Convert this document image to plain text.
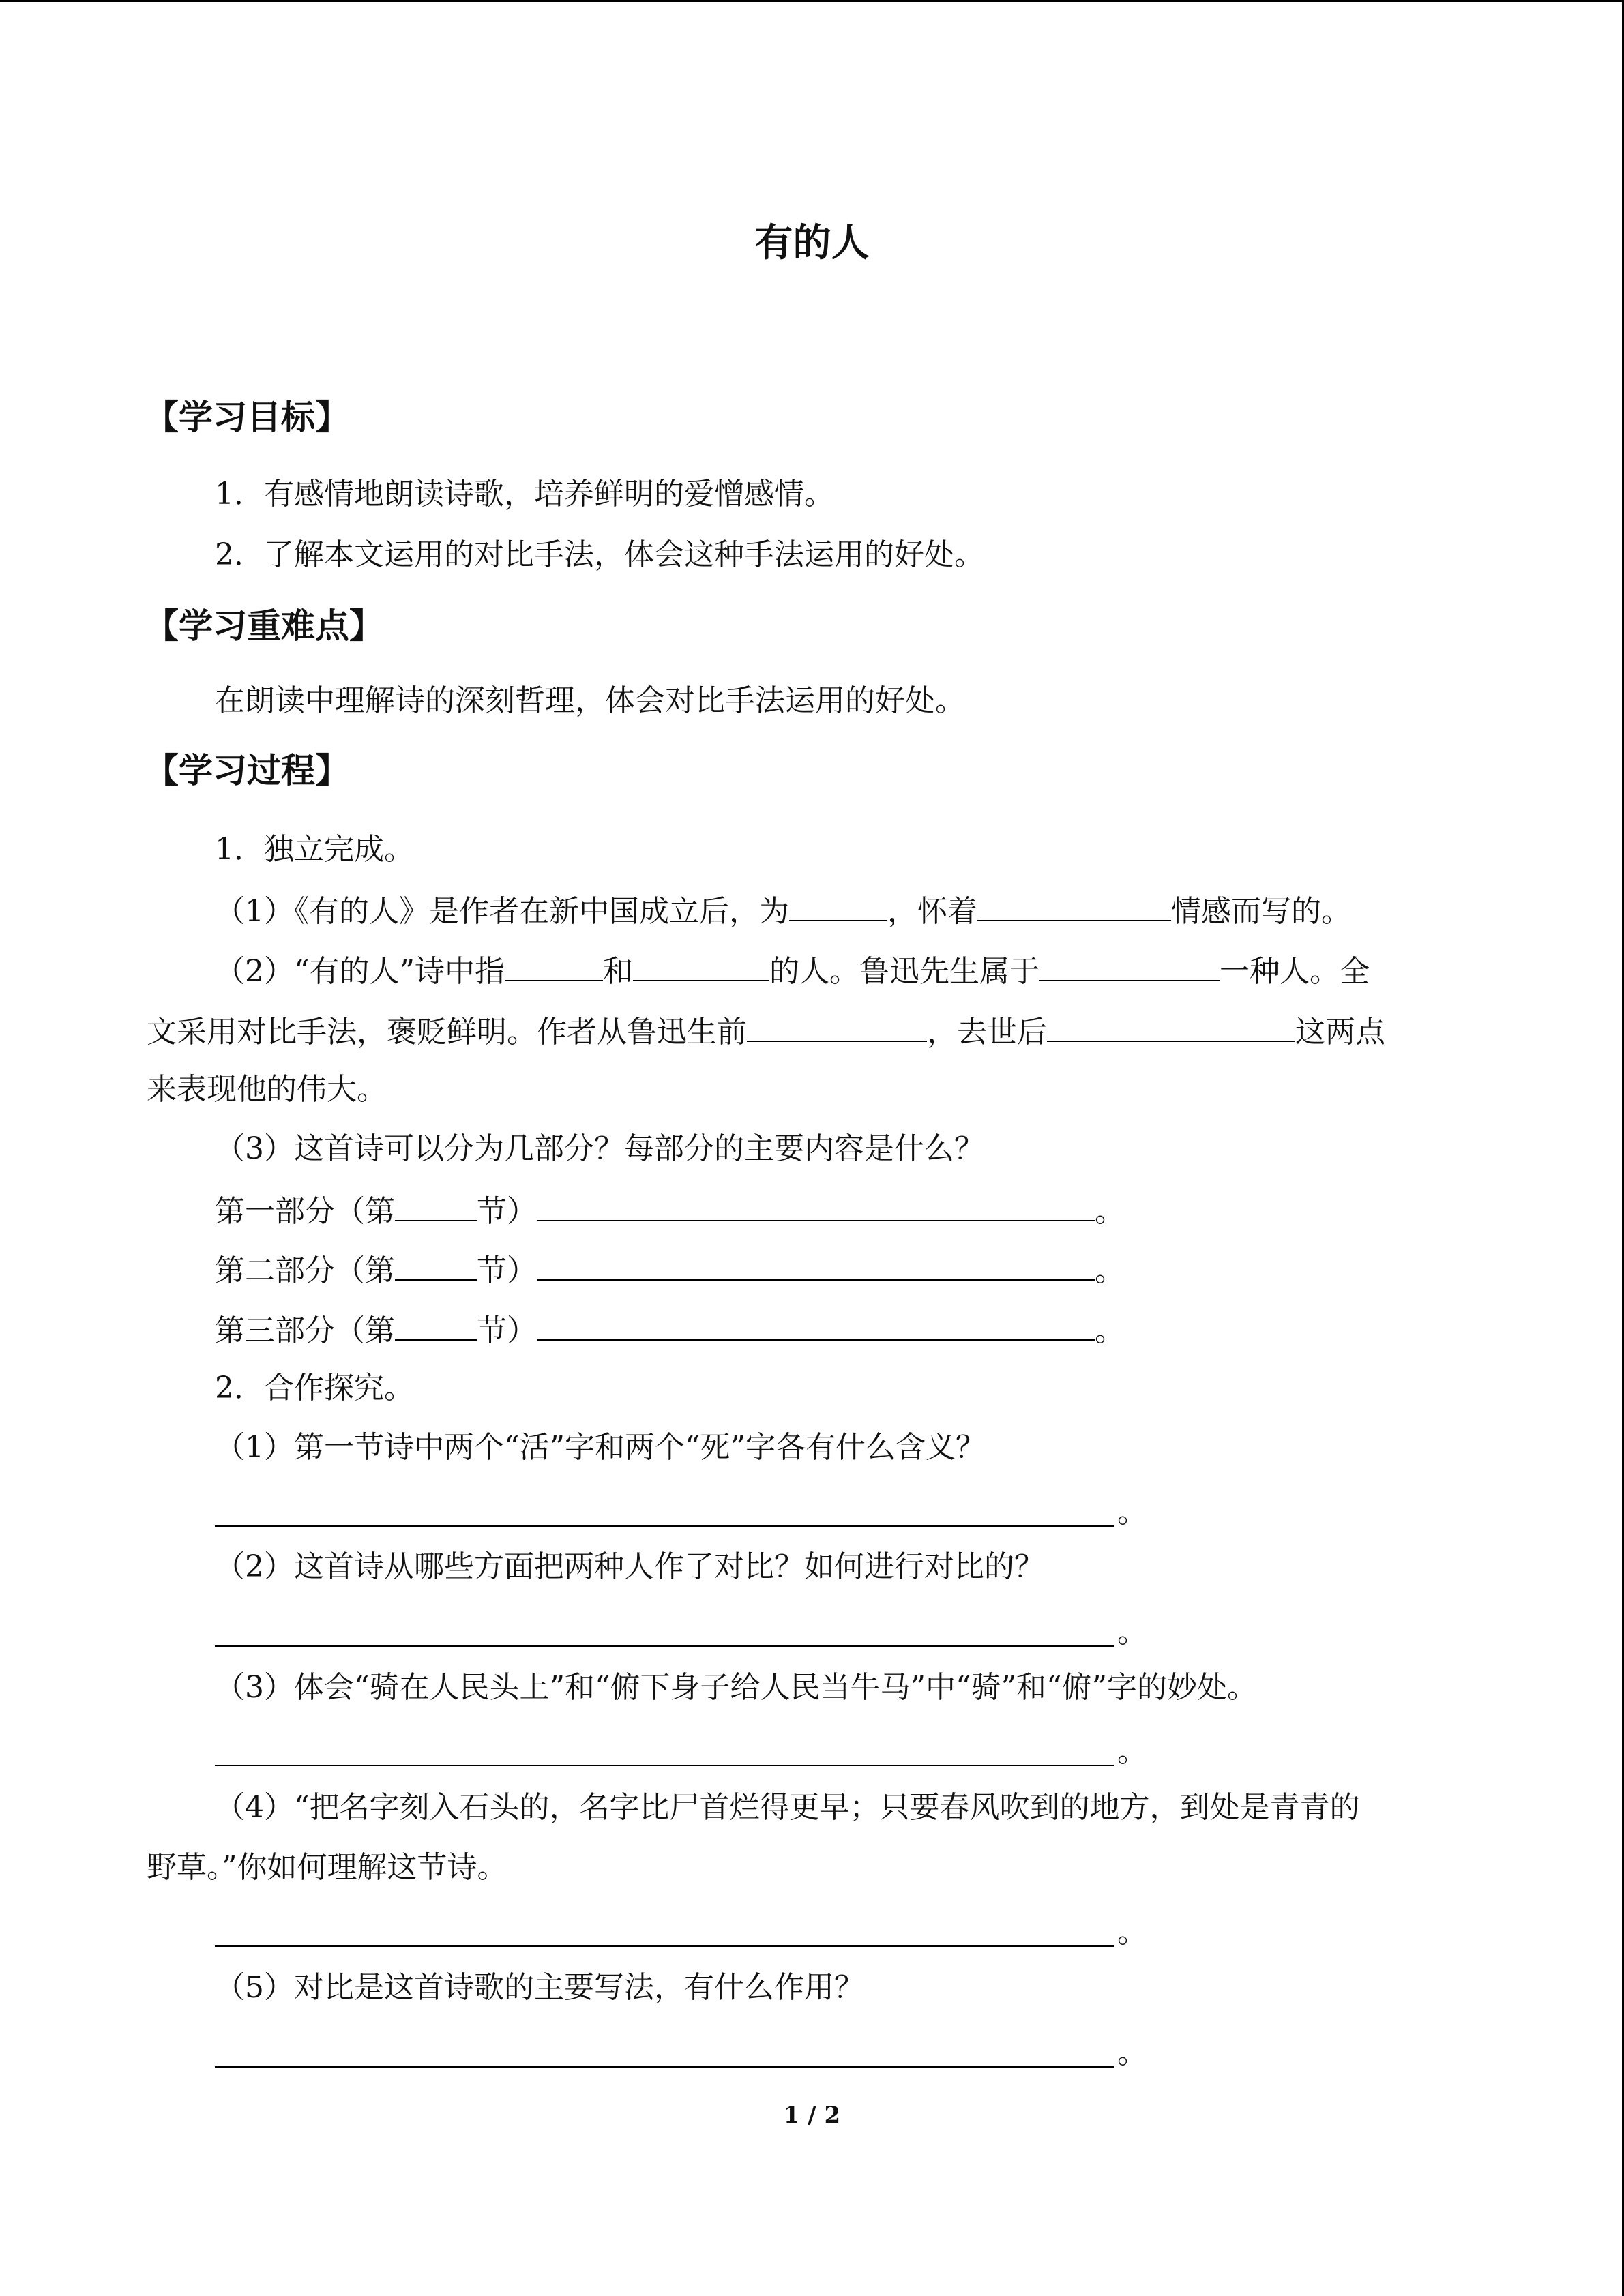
有的人
【学习目标】
1．有感情地朗读诗歌，培养鲜明的爱憎感情。
2．了解本文运用的对比手法，体会这种手法运用的好处。
【学习重难点】
在朗读中理解诗的深刻哲理，体会对比手法运用的好处。
【学习过程】
1．独立完成。
（1）《有的人》是作者在新中国成立后，为	，怀着	情感而写的。
（2）“有的人”诗中指	和	的人。鲁迅先生属于	一种人。全
文采用对比手法，褒贬鲜明。作者从鲁迅生前	，去世后	这两点
来表现他的伟大。
（3）这首诗可以分为几部分？每部分的主要内容是什么？
第一部分（第	节）	。
第二部分（第	节）	。
第三部分（第	节）	。
2．合作探究。
（1）第一节诗中两个“活”字和两个“死”字各有什么含义？
。
（2）这首诗从哪些方面把两种人作了对比？如何进行对比的？
。
（3）体会“骑在人民头上”和“俯下身子给人民当牛马”中“骑”和“俯”字的妙处。
。
（4）“把名字刻入石头的，名字比尸首烂得更早；只要春风吹到的地方，到处是青青的
野草。”你如何理解这节诗。
。
（5）对比是这首诗歌的主要写法，有什么作用？
。
1 / 2
